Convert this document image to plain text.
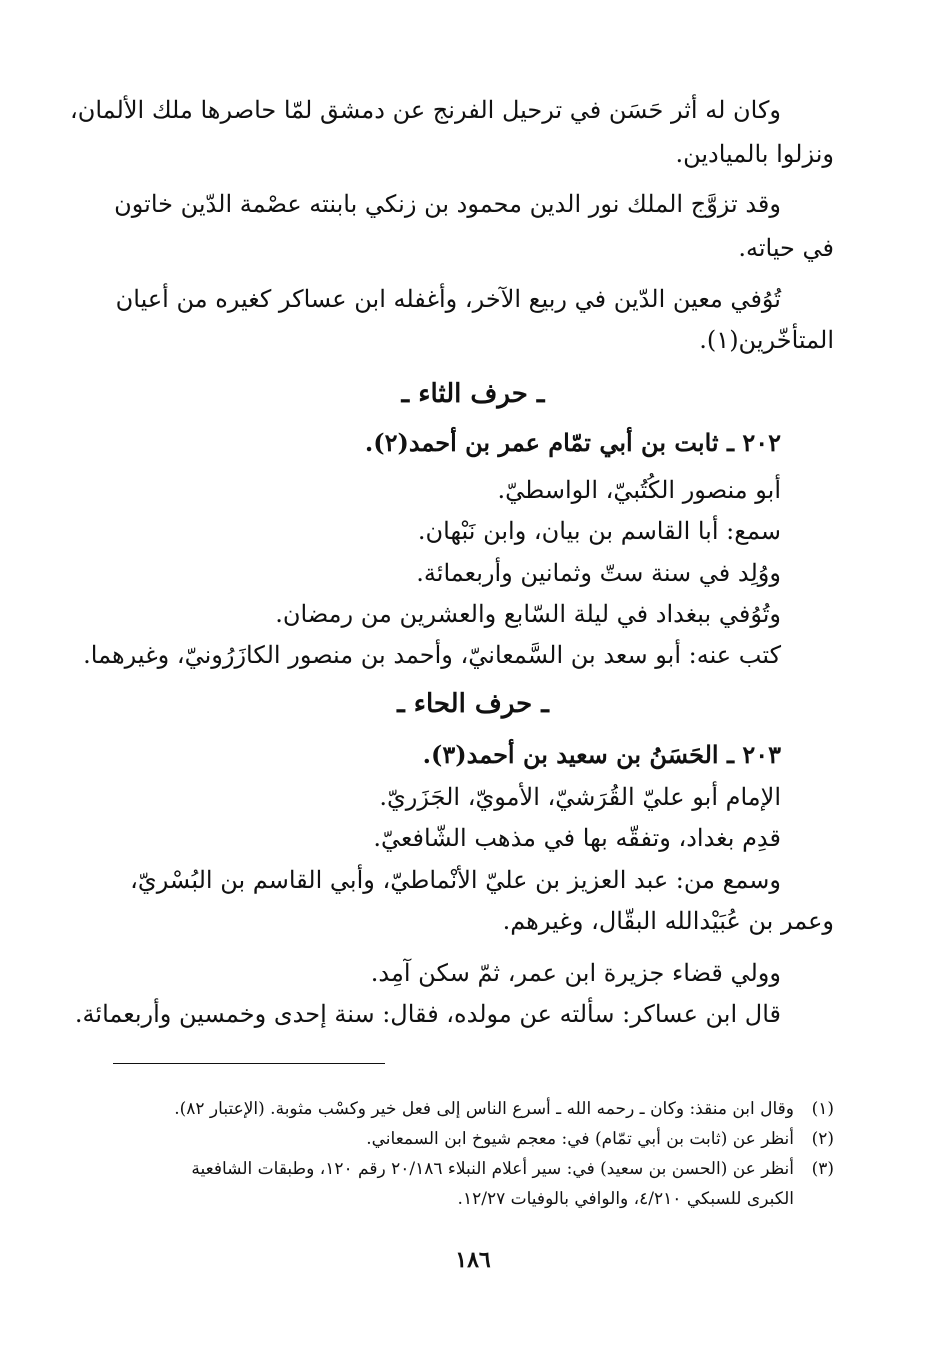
وكان له أثر حَسَن في ترحيل الفرنج عن دمشق لمّا حاصرها ملك الألمان،
ونزلوا بالميادين.
وقد تزوَّج الملك نور الدين محمود بن زنكي بابنته عصْمة الدّين خاتون
في حياته.
تُوُفي معين الدّين في ربيع الآخر، وأغفله ابن عساكر كغيره من أعيان
المتأخّرين(١).
ـ حرف الثاء ـ
٢٠٢ ـ ثابت بن أبي تمّام عمر بن أحمد(٢).
أبو منصور الكُتُبيّ، الواسطيّ.
سمع: أبا القاسم بن بيان، وابن نَبْهان.
ووُلِد في سنة ستّ وثمانين وأربعمائة.
وتُوُفي ببغداد في ليلة السّابع والعشرين من رمضان.
كتب عنه: أبو سعد بن السَّمعانيّ، وأحمد بن منصور الكازَرُونيّ، وغيرهما.
ـ حرف الحاء ـ
٢٠٣ ـ الحَسَنُ بن سعيد بن أحمد(٣).
الإمام أبو عليّ القُرَشيّ، الأمويّ، الجَزَريّ.
قدِم بغداد، وتفقّه بها في مذهب الشّافعيّ.
وسمع من: عبد العزيز بن عليّ الأنْماطيّ، وأبي القاسم بن البُسْريّ،
وعمر بن عُبَيْدالله البقّال، وغيرهم.
وولي قضاء جزيرة ابن عمر، ثمّ سكن آمِد.
قال ابن عساكر: سألته عن مولده، فقال: سنة إحدى وخمسين وأربعمائة.
(١)وقال ابن منقذ: وكان ـ رحمه الله ـ أسرع الناس إلى فعل خير وكسْب مثوبة. (الإعتبار ٨٢).
(٢)أنظر عن (ثابت بن أبي تمّام) في: معجم شيوخ ابن السمعاني.
(٣)أنظر عن (الحسن بن سعيد) في: سير أعلام النبلاء ٢٠/١٨٦ رقم ١٢٠، وطبقات الشافعية
الكبرى للسبكي ٤/٢١٠، والوافي بالوفيات ١٢/٢٧.
١٨٦
